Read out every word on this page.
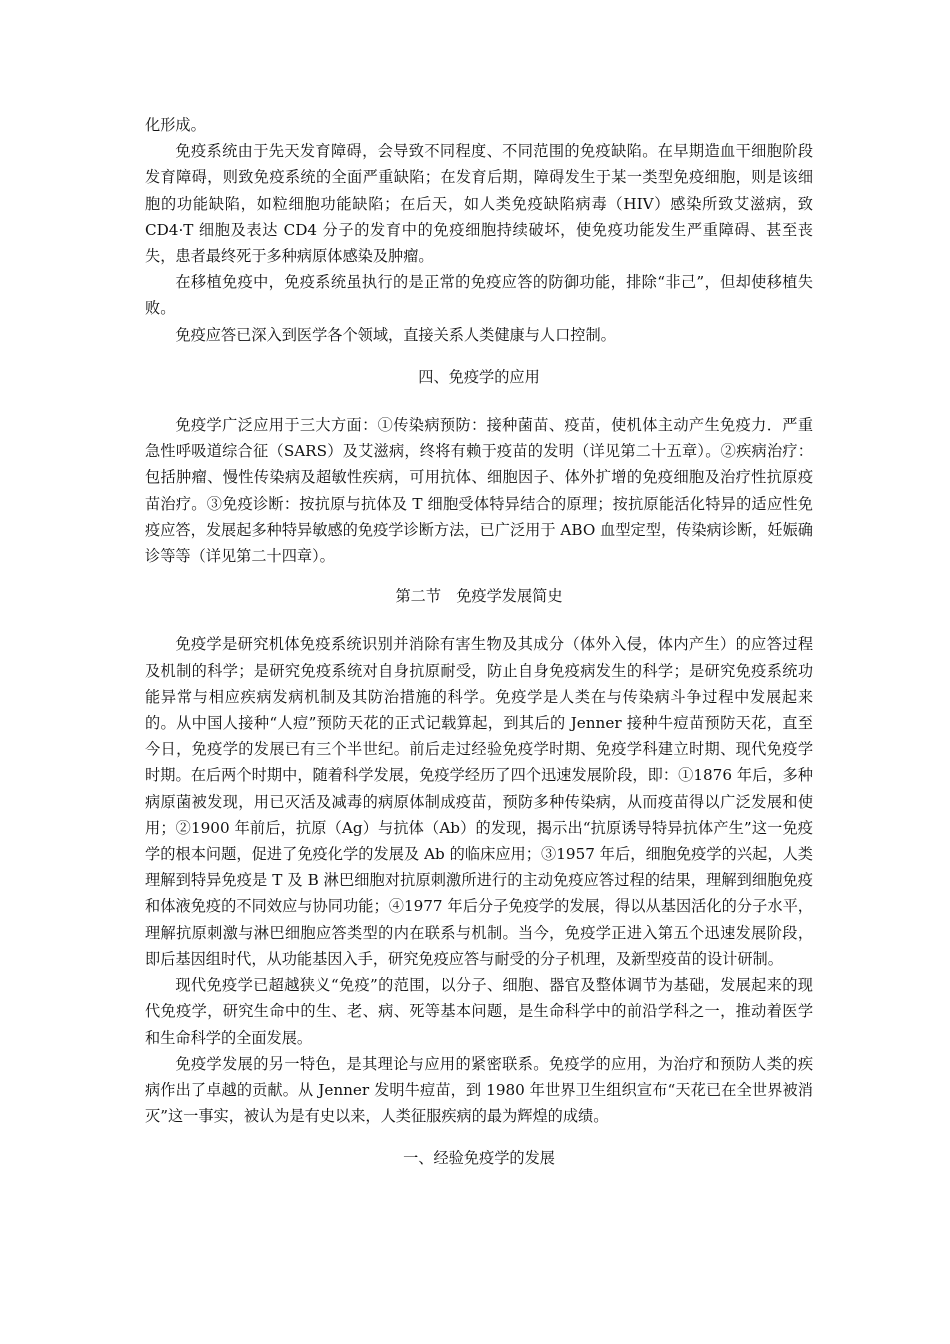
化形成。

免疫系统由于先天发育障碍，会导致不同程度、不同范围的免疫缺陷。在早期造血干细胞阶段发育障碍，则致免疫系统的全面严重缺陷；在发育后期，障碍发生于某一类型免疫细胞，则是该细胞的功能缺陷，如粒细胞功能缺陷；在后天，如人类免疫缺陷病毒（HIV）感染所致艾滋病，致 CD4·T 细胞及表达 CD4 分子的发育中的免疫细胞持续破坏，使免疫功能发生严重障碍、甚至丧失，患者最终死于多种病原体感染及肿瘤。

在移植免疫中，免疫系统虽执行的是正常的免疫应答的防御功能，排除“非己”，但却使移植失败。

免疫应答已深入到医学各个领域，直接关系人类健康与人口控制。

四、免疫学的应用

免疫学广泛应用于三大方面：①传染病预防：接种菌苗、疫苗，使机体主动产生免疫力．严重急性呼吸道综合征（SARS）及艾滋病，终将有赖于疫苗的发明（详见第二十五章）。②疾病治疗：包括肿瘤、慢性传染病及超敏性疾病，可用抗体、细胞因子、体外扩增的免疫细胞及治疗性抗原疫苗治疗。③免疫诊断：按抗原与抗体及 T 细胞受体特异结合的原理；按抗原能活化特异的适应性免疫应答，发展起多种特异敏感的免疫学诊断方法，已广泛用于 ABO 血型定型，传染病诊断，妊娠确诊等等（详见第二十四章）。

第二节　免疫学发展简史

免疫学是研究机体免疫系统识别并消除有害生物及其成分（体外入侵，体内产生）的应答过程及机制的科学；是研究免疫系统对自身抗原耐受，防止自身免疫病发生的科学；是研究免疫系统功能异常与相应疾病发病机制及其防治措施的科学。免疫学是人类在与传染病斗争过程中发展起来的。从中国人接种“人痘”预防天花的正式记载算起，到其后的 Jenner 接种牛痘苗预防天花，直至今日，免疫学的发展已有三个半世纪。前后走过经验免疫学时期、免疫学科建立时期、现代免疫学时期。在后两个时期中，随着科学发展，免疫学经历了四个迅速发展阶段，即：①1876 年后，多种病原菌被发现，用已灭活及减毒的病原体制成疫苗，预防多种传染病，从而疫苗得以广泛发展和使用；②1900 年前后，抗原（Ag）与抗体（Ab）的发现，揭示出“抗原诱导特异抗体产生”这一免疫学的根本问题，促进了免疫化学的发展及 Ab 的临床应用；③1957 年后，细胞免疫学的兴起，人类理解到特异免疫是 T 及 B 淋巴细胞对抗原刺激所进行的主动免疫应答过程的结果，理解到细胞免疫和体液免疫的不同效应与协同功能；④1977 年后分子免疫学的发展，得以从基因活化的分子水平，理解抗原刺激与淋巴细胞应答类型的内在联系与机制。当今，免疫学正进入第五个迅速发展阶段，即后基因组时代，从功能基因入手，研究免疫应答与耐受的分子机理，及新型疫苗的设计研制。

现代免疫学已超越狭义“免疫”的范围，以分子、细胞、器官及整体调节为基础，发展起来的现代免疫学，研究生命中的生、老、病、死等基本问题，是生命科学中的前沿学科之一，推动着医学和生命科学的全面发展。

免疫学发展的另一特色，是其理论与应用的紧密联系。免疫学的应用，为治疗和预防人类的疾病作出了卓越的贡献。从 Jenner 发明牛痘苗，到 1980 年世界卫生组织宣布“天花已在全世界被消灭”这一事实，被认为是有史以来，人类征服疾病的最为辉煌的成绩。

一、经验免疫学的发展
